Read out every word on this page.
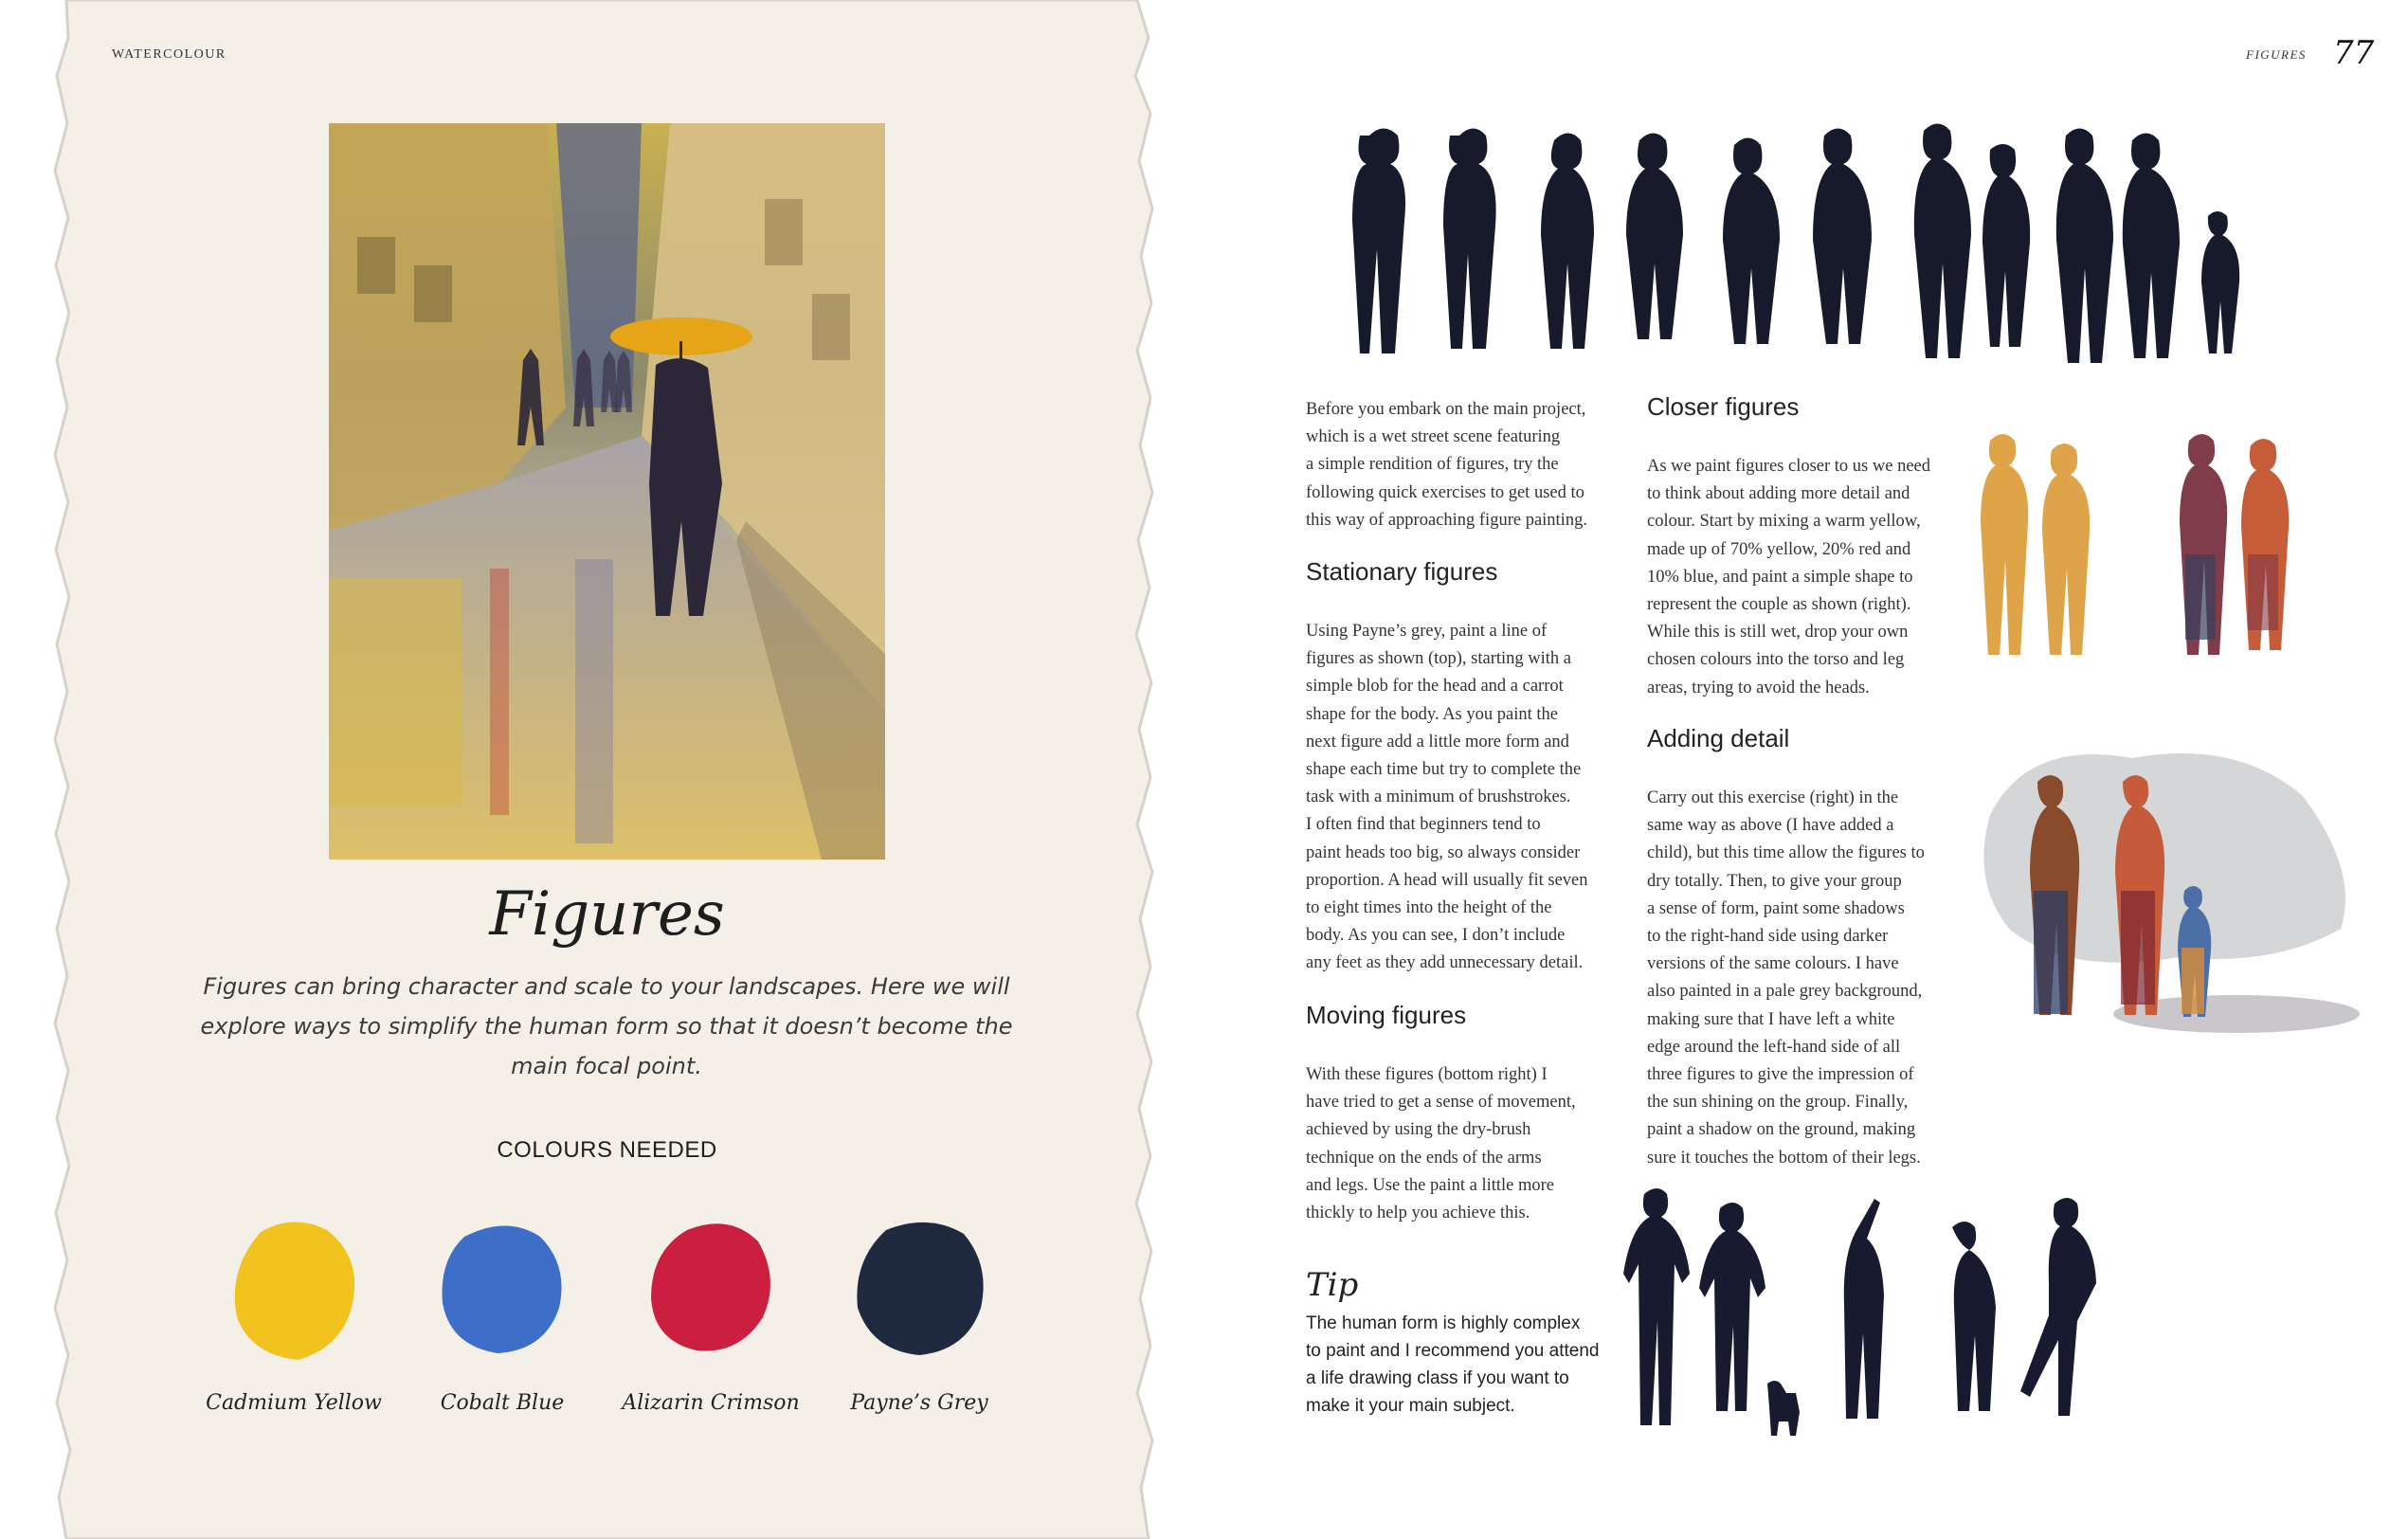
WATERCOLOUR
Figures
Figures can bring character and scale to your landscapes. Here we will explore ways to simplify the human form so that it doesn’t become the main focal point.
COLOURS NEEDED
Cadmium Yellow	Cobalt Blue	Alizarin Crimson	Payne’s Grey
FIGURES 77
Before you embark on the main project,
which is a wet street scene featuring
a simple rendition of figures, try the
following quick exercises to get used to
this way of approaching figure painting.
Stationary figures
Using Payne’s grey, paint a line of
figures as shown (top), starting with a
simple blob for the head and a carrot
shape for the body. As you paint the
next figure add a little more form and
shape each time but try to complete the
task with a minimum of brushstrokes.
I often find that beginners tend to
paint heads too big, so always consider
proportion. A head will usually fit seven
to eight times into the height of the
body. As you can see, I don’t include
any feet as they add unnecessary detail.
Moving figures
With these figures (bottom right) I
have tried to get a sense of movement,
achieved by using the dry-brush
technique on the ends of the arms
and legs. Use the paint a little more
thickly to help you achieve this.
Closer figures
As we paint figures closer to us we need
to think about adding more detail and
colour. Start by mixing a warm yellow,
made up of 70% yellow, 20% red and
10% blue, and paint a simple shape to
represent the couple as shown (right).
While this is still wet, drop your own
chosen colours into the torso and leg
areas, trying to avoid the heads.
Adding detail
Carry out this exercise (right) in the
same way as above (I have added a
child), but this time allow the figures to
dry totally. Then, to give your group
a sense of form, paint some shadows
to the right-hand side using darker
versions of the same colours. I have
also painted in a pale grey background,
making sure that I have left a white
edge around the left-hand side of all
three figures to give the impression of
the sun shining on the group. Finally,
paint a shadow on the ground, making
sure it touches the bottom of their legs.
Tip
The human form is highly complex
to paint and I recommend you attend
a life drawing class if you want to
make it your main subject.
